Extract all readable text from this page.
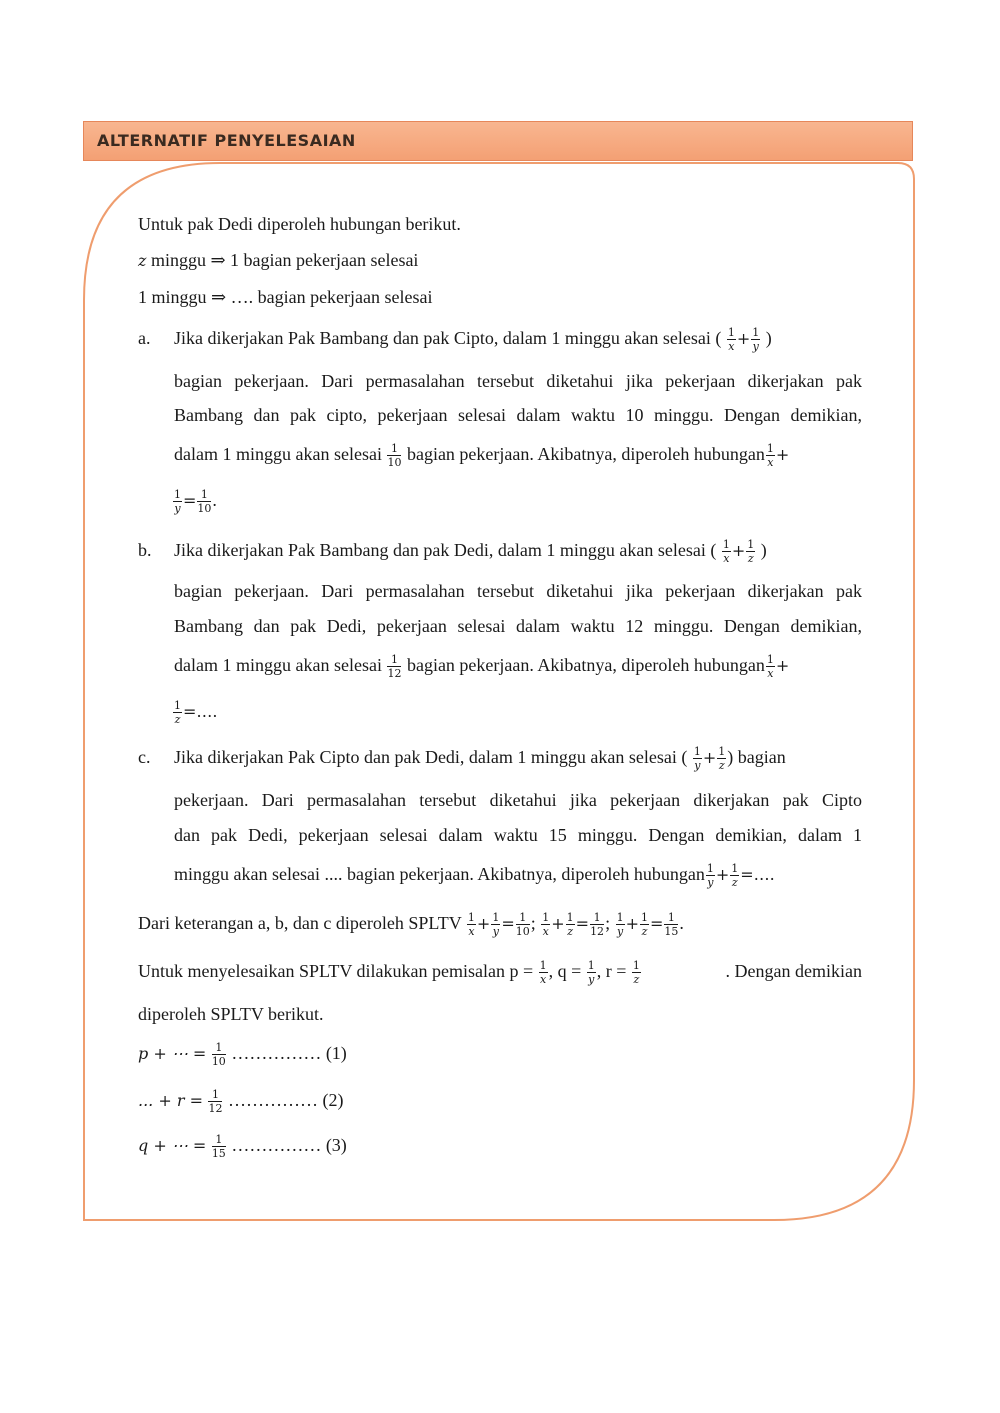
ALTERNATIF PENYELESAIAN
Untuk pak Dedi diperoleh hubungan berikut.
z minggu ⇒ 1 bagian pekerjaan selesai
1 minggu ⇒ …. bagian pekerjaan selesai
a. Jika dikerjakan Pak Bambang dan pak Cipto, dalam 1 minggu akan selesai ( $\frac{1}{x} + \frac{1}{y}$ )
bagian pekerjaan. Dari permasalahan tersebut diketahui jika pekerjaan dikerjakan pak
Bambang dan pak cipto, pekerjaan selesai dalam waktu 10 minggu. Dengan demikian,
dalam 1 minggu akan selesai $\frac{1}{10}$ bagian pekerjaan. Akibatnya, diperoleh hubungan $\frac{1}{x}$ +
$\frac{1}{y} = \frac{1}{10}$ .
b. Jika dikerjakan Pak Bambang dan pak Dedi, dalam 1 minggu akan selesai ( $\frac{1}{x} + \frac{1}{z}$ )
bagian pekerjaan. Dari permasalahan tersebut diketahui jika pekerjaan dikerjakan pak
Bambang dan pak Dedi, pekerjaan selesai dalam waktu 12 minggu. Dengan demikian,
dalam 1 minggu akan selesai $\frac{1}{12}$ bagian pekerjaan. Akibatnya, diperoleh hubungan $\frac{1}{x}$ +
$\frac{1}{z}$ =….
c. Jika dikerjakan Pak Cipto dan pak Dedi, dalam 1 minggu akan selesai ( $\frac{1}{y} + \frac{1}{z}$ ) bagian
pekerjaan. Dari permasalahan tersebut diketahui jika pekerjaan dikerjakan pak Cipto
dan pak Dedi, pekerjaan selesai dalam waktu 15 minggu. Dengan demikian, dalam 1
minggu akan selesai .... bagian pekerjaan. Akibatnya, diperoleh hubungan $\frac{1}{y} + \frac{1}{z}$ =….
Dari keterangan a, b, dan c diperoleh SPLTV $\frac{1}{x} + \frac{1}{y} = \frac{1}{10}$ ; $\frac{1}{x} + \frac{1}{z} = \frac{1}{12}$ ; $\frac{1}{y} + \frac{1}{z} = \frac{1}{15}$ .
Untuk menyelesaikan SPLTV dilakukan pemisalan $p = \frac{1}{x}$ , $q = \frac{1}{y}$ , $r = \frac{1}{z}$	. Dengan demikian
diperoleh SPLTV berikut.
p + ⋯ = $\frac{1}{10}$ …………… (1)
... + $r = \frac{1}{12}$ …………… (2)
q + ⋯ = $\frac{1}{15}$ …………… (3)
